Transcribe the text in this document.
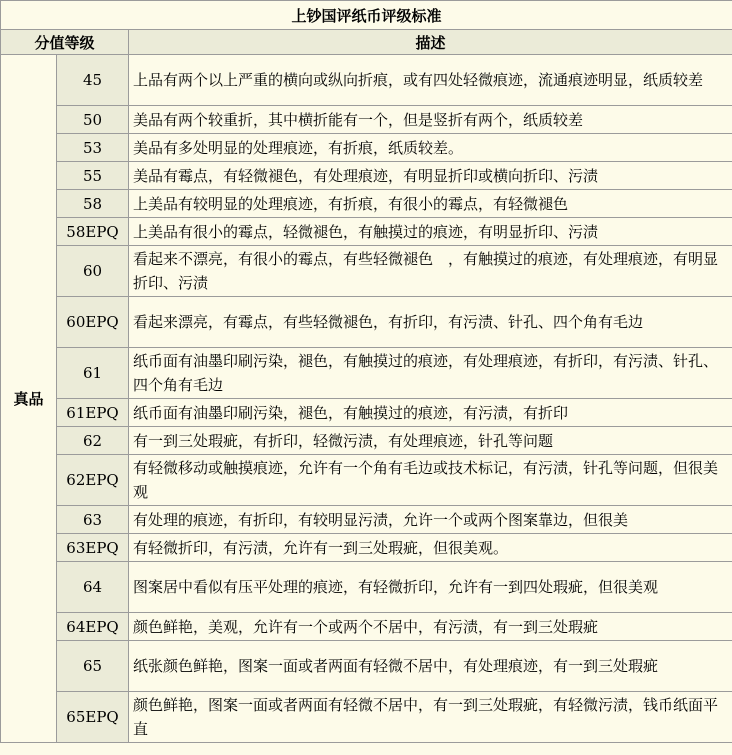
上钞国评纸币评级标准		
分值等级		描述
真品	45	上品有两个以上严重的横向或纵向折痕，或有四处轻微痕迹，流通痕迹明显，纸质较差
	50	美品有两个较重折，其中横折能有一个，但是竖折有两个，纸质较差
	53	美品有多处明显的处理痕迹，有折痕，纸质较差。
	55	美品有霉点，有轻微褪色，有处理痕迹，有明显折印或横向折印、污渍
	58	上美品有较明显的处理痕迹，有折痕，有很小的霉点，有轻微褪色
	58EPQ	上美品有很小的霉点，轻微褪色，有触摸过的痕迹，有明显折印、污渍
	60	看起来不漂亮，有很小的霉点，有些轻微褪色　，有触摸过的痕迹，有处理痕迹，有明显折印、污渍
	60EPQ	看起来漂亮，有霉点，有些轻微褪色，有折印，有污渍、针孔、四个角有毛边
	61	纸币面有油墨印刷污染，褪色，有触摸过的痕迹，有处理痕迹，有折印，有污渍、针孔、四个角有毛边
	61EPQ	纸币面有油墨印刷污染，褪色，有触摸过的痕迹，有污渍，有折印
	62	有一到三处瑕疵，有折印，轻微污渍，有处理痕迹，针孔等问题
	62EPQ	有轻微移动或触摸痕迹，允许有一个角有毛边或技术标记，有污渍，针孔等问题，但很美观
	63	有处理的痕迹，有折印，有较明显污渍，允许一个或两个图案靠边，但很美
	63EPQ	有轻微折印，有污渍，允许有一到三处瑕疵，但很美观。
	64	图案居中看似有压平处理的痕迹，有轻微折印，允许有一到四处瑕疵，但很美观
	64EPQ	颜色鲜艳，美观，允许有一个或两个不居中，有污渍，有一到三处瑕疵
	65	纸张颜色鲜艳，图案一面或者两面有轻微不居中，有处理痕迹，有一到三处瑕疵
	65EPQ	颜色鲜艳，图案一面或者两面有轻微不居中，有一到三处瑕疵，有轻微污渍，钱币纸面平直
